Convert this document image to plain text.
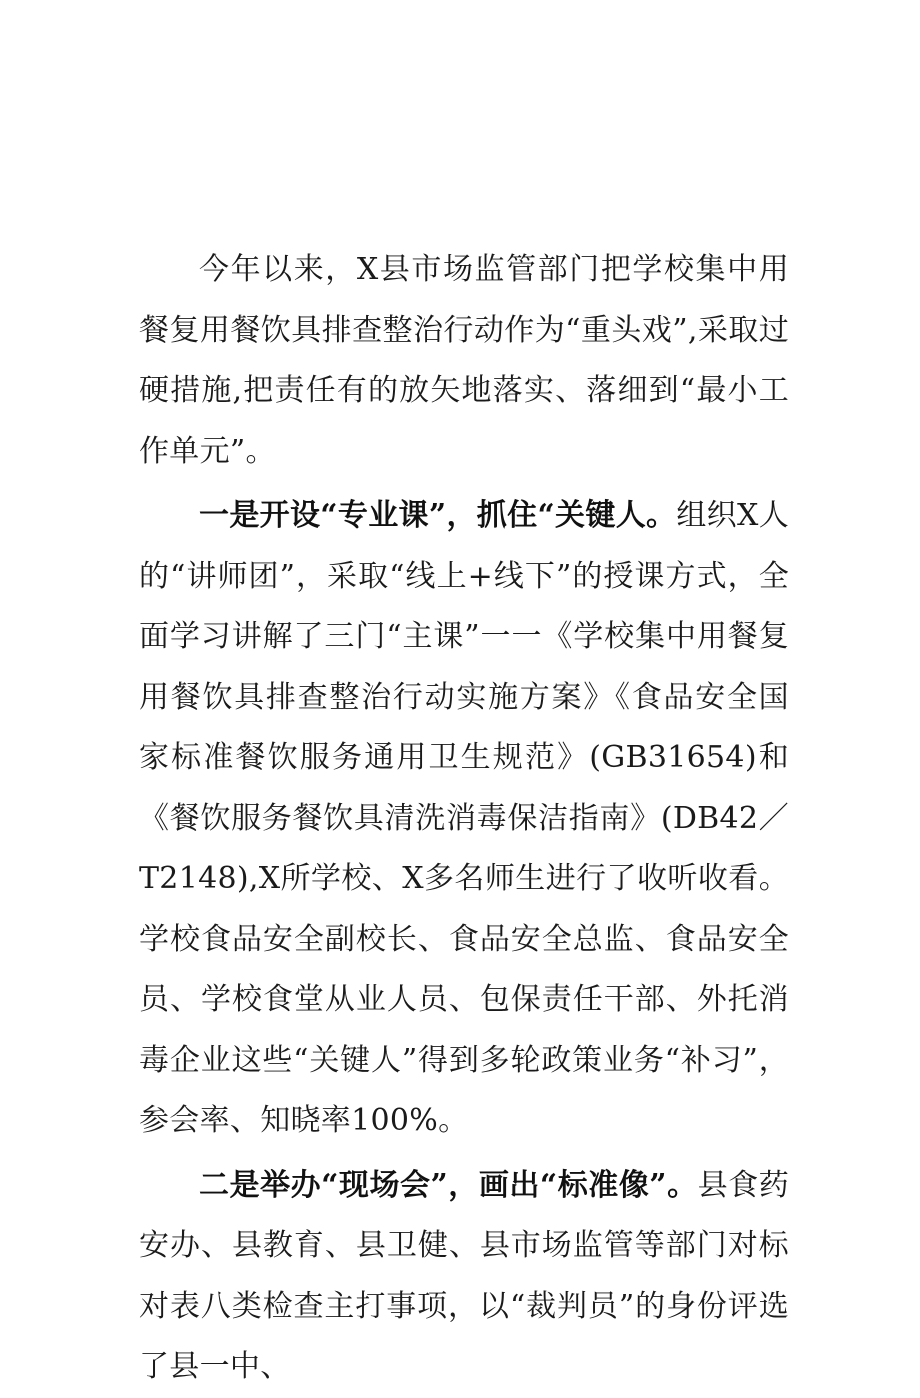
今年以来，X县市场监管部门把学校集中用餐复用餐饮具排查整治行动作为“重头戏”,采取过硬措施,把责任有的放矢地落实、落细到“最小工作单元”。

一是开设“专业课”，抓住“关键人。组织X人的“讲师团”，采取“线上+线下”的授课方式，全面学习讲解了三门“主课”一一《学校集中用餐复用餐饮具排查整治行动实施方案》《食品安全国家标准餐饮服务通用卫生规范》(GB31654)和《餐饮服务餐饮具清洗消毒保洁指南》(DB42／T2148),X所学校、X多名师生进行了收听收看。学校食品安全副校长、食品安全总监、食品安全员、学校食堂从业人员、包保责任干部、外托消毒企业这些“关键人”得到多轮政策业务“补习”，参会率、知晓率100%。

二是举办“现场会”，画出“标准像”。县食药安办、县教育、县卫健、县市场监管等部门对标对表八类检查主打事项，以“裁判员”的身份评选了县一中、
